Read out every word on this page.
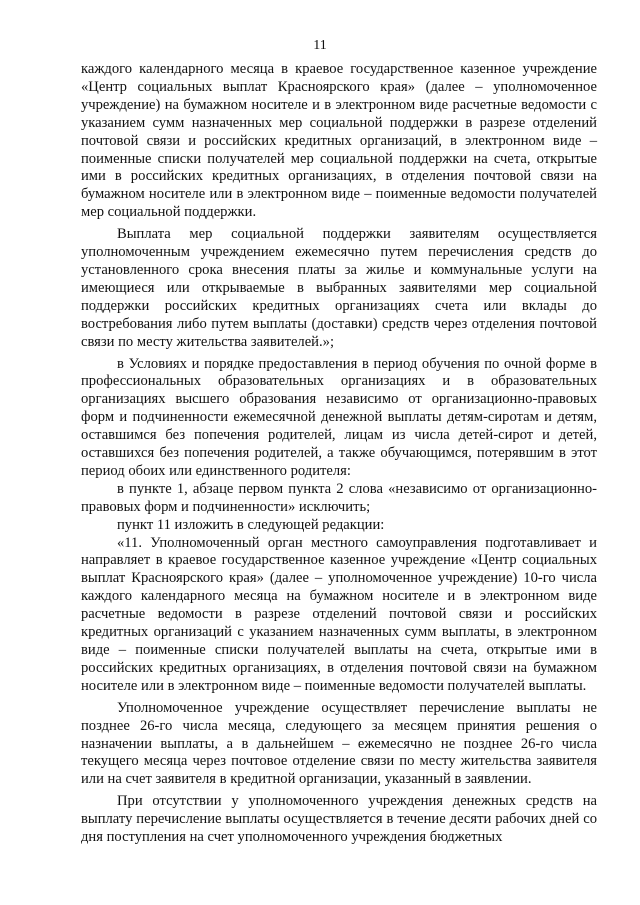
11

каждого календарного месяца в краевое государственное казенное учреждение «Центр социальных выплат Красноярского края» (далее – уполномоченное учреждение) на бумажном носителе и в электронном виде расчетные ведомости с указанием сумм назначенных мер социальной поддержки в разрезе отделений почтовой связи и российских кредитных организаций, в электронном виде – поименные списки получателей мер социальной поддержки на счета, открытые ими в российских кредитных организациях, в отделения почтовой связи на бумажном носителе или в электронном виде – поименные ведомости получателей мер социальной поддержки.

Выплата мер социальной поддержки заявителям осуществляется уполномоченным учреждением ежемесячно путем перечисления средств до установленного срока внесения платы за жилье и коммунальные услуги на имеющиеся или открываемые в выбранных заявителями мер социальной поддержки российских кредитных организациях счета или вклады до востребования либо путем выплаты (доставки) средств через отделения почтовой связи по месту жительства заявителей.»;

в Условиях и порядке предоставления в период обучения по очной форме в профессиональных образовательных организациях и в образовательных организациях высшего образования независимо от организационно-правовых форм и подчиненности ежемесячной денежной выплаты детям-сиротам и детям, оставшимся без попечения родителей, лицам из числа детей-сирот и детей, оставшихся без попечения родителей, а также обучающимся, потерявшим в этот период обоих или единственного родителя:

в пункте 1, абзаце первом пункта 2 слова «независимо от организационно-правовых форм и подчиненности» исключить;

пункт 11 изложить в следующей редакции:

«11. Уполномоченный орган местного самоуправления подготавливает и направляет в краевое государственное казенное учреждение «Центр социальных выплат Красноярского края» (далее – уполномоченное учреждение) 10-го числа каждого календарного месяца на бумажном носителе и в электронном виде расчетные ведомости в разрезе отделений почтовой связи и российских кредитных организаций с указанием назначенных сумм выплаты, в электронном виде – поименные списки получателей выплаты на счета, открытые ими в российских кредитных организациях, в отделения почтовой связи на бумажном носителе или в электронном виде – поименные ведомости получателей выплаты.

Уполномоченное учреждение осуществляет перечисление выплаты не позднее 26-го числа месяца, следующего за месяцем принятия решения о назначении выплаты, а в дальнейшем – ежемесячно не позднее 26-го числа текущего месяца через почтовое отделение связи по месту жительства заявителя или на счет заявителя в кредитной организации, указанный в заявлении.

При отсутствии у уполномоченного учреждения денежных средств на выплату перечисление выплаты осуществляется в течение десяти рабочих дней со дня поступления на счет уполномоченного учреждения бюджетных
